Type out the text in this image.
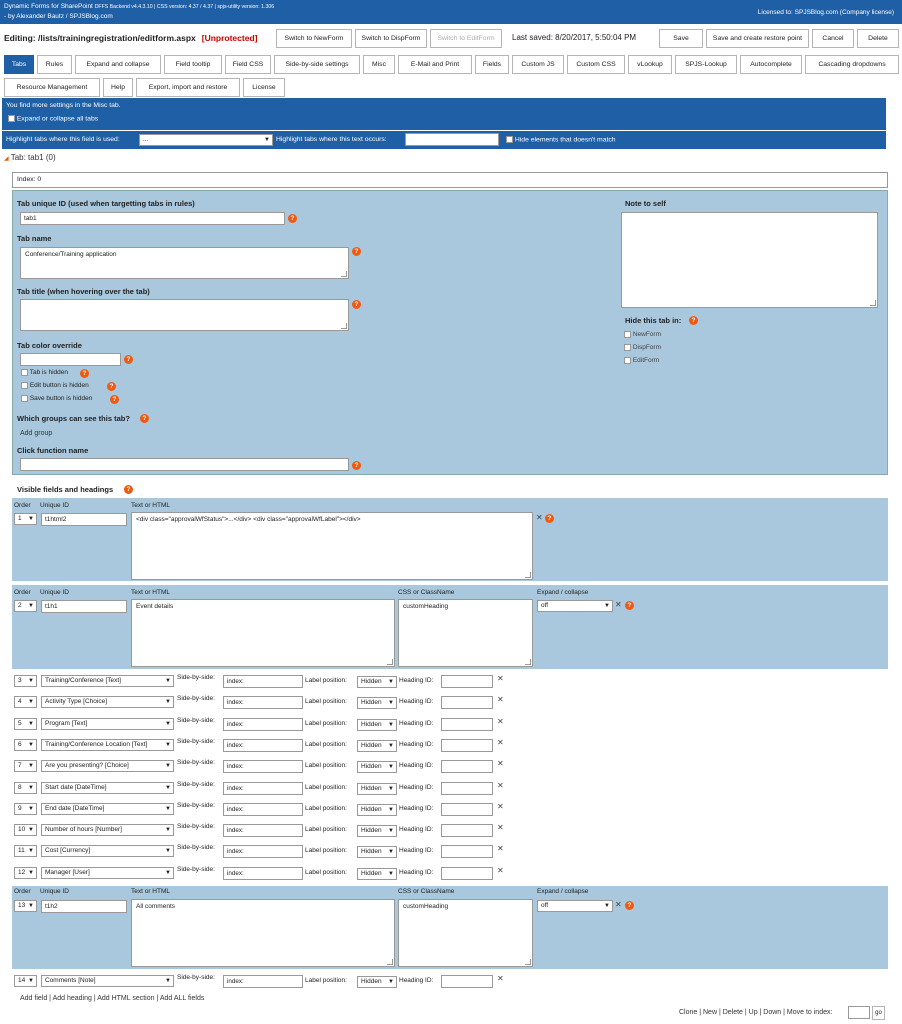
Dynamic Forms for SharePoint DFFS Backend v4.4.3.10 | CSS version: 4.37 / 4.37 | spjs-utility version: 1.306
- by Alexander Bautz / SPJSBlog.com
Licensed to: SPJSBlog.com (Company license)
Editing: /lists/trainingregistration/editform.aspx [Unprotected]	Switch to NewForm	Switch to DispForm	Switch to EditForm	Last saved: 8/20/2017, 5:50:04 PM	Save	Save and create restore point	Cancel	Delete
Tabs	Rules	Expand and collapse	Field tooltip	Field CSS	Side-by-side settings	Misc	E-Mail and Print	Fields	Custom JS	Custom CSS	vLookup	SPJS-Lookup	Autocomplete	Cascading dropdowns
Resource Management	Help	Export, import and restore	License
You find more settings in the Misc tab.
Expand or collapse all tabs
Highlight tabs where this field is used:	...	▼ Highlight tabs where this text occurs:	Hide elements that doesn't match
◢ Tab: tab1 (0)
Index: 0
Tab unique ID (used when targetting tabs in rules)
tab1	?
Tab name
Conference/Training application	?
Tab title (when hovering over the tab)
?
Tab color override
?
Tab is hidden	?
Edit button is hidden	?
Save button is hidden	?
Which groups can see this tab?	?
Add group
Click function name
?
Note to self
Hide this tab in:	?
NewForm
DispForm
EditForm
Visible fields and headings	?
Order Unique ID	Text or HTML
1 ▼	t1html2	<div class="approvalWfStatus">...</div> <div class="approvalWfLabel"></div>	✕ ?
Order Unique ID	Text or HTML	CSS or ClassName	Expand / collapse
2 ▼	t1h1	Event details	customHeading	off	▼ ✕ ?
3 ▼	Training/Conference [Text]	▼ Side-by-side:
index:	Label position:	Hidden ▼ Heading ID:	✕
4 ▼	Activity Type [Choice]	▼ Side-by-side:
index:	Label position:	Hidden ▼ Heading ID:	✕
5 ▼	Program [Text]	▼ Side-by-side:
index:	Label position:	Hidden ▼ Heading ID:	✕
6 ▼	Training/Conference Location [Text]	▼ Side-by-side:
index:	Label position:	Hidden ▼ Heading ID:	✕
7 ▼	Are you presenting? [Choice]	▼ Side-by-side:
index:	Label position:	Hidden ▼ Heading ID:	✕
8 ▼	Start date [DateTime]	▼ Side-by-side:
index:	Label position:	Hidden ▼ Heading ID:	✕
9 ▼	End date [DateTime]	▼ Side-by-side:
index:	Label position:	Hidden ▼ Heading ID:	✕
10 ▼	Number of hours [Number]	▼ Side-by-side:
index:	Label position:	Hidden ▼ Heading ID:	✕
11 ▼	Cost [Currency]	▼ Side-by-side:
index:	Label position:	Hidden ▼ Heading ID:	✕
12 ▼	Manager [User]	▼ Side-by-side:
index:	Label position:	Hidden ▼ Heading ID:	✕
Order Unique ID	Text or HTML	CSS or ClassName	Expand / collapse
13 ▼	t1h2	All comments	customHeading	off	▼ ✕ ?
14 ▼	Comments [Note]	▼ Side-by-side:
index:	Label position:	Hidden ▼ Heading ID:	✕
Add field | Add heading | Add HTML section | Add ALL fields
Clone | New | Delete | Up | Down | Move to index:	go
